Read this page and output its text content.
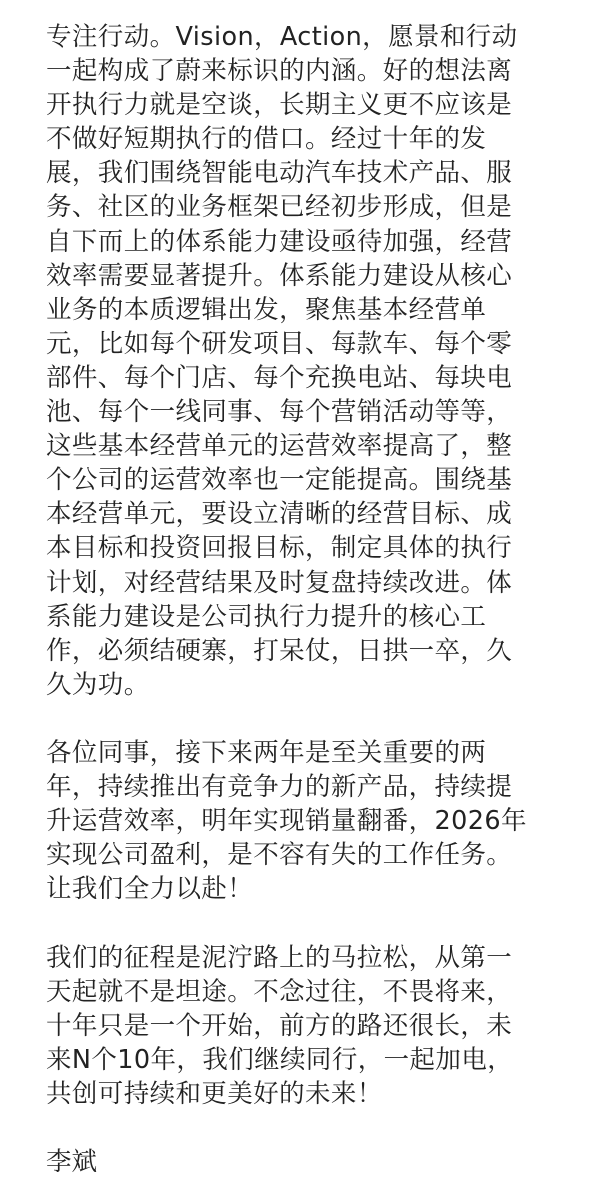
专注行动。Vision，Action，愿景和行动
一起构成了蔚来标识的内涵。好的想法离
开执行力就是空谈，长期主义更不应该是
不做好短期执行的借口。经过十年的发
展，我们围绕智能电动汽车技术产品、服
务、社区的业务框架已经初步形成，但是
自下而上的体系能力建设亟待加强，经营
效率需要显著提升。体系能力建设从核心
业务的本质逻辑出发，聚焦基本经营单
元，比如每个研发项目、每款车、每个零
部件、每个门店、每个充换电站、每块电
池、每个一线同事、每个营销活动等等，
这些基本经营单元的运营效率提高了，整
个公司的运营效率也一定能提高。围绕基
本经营单元，要设立清晰的经营目标、成
本目标和投资回报目标，制定具体的执行
计划，对经营结果及时复盘持续改进。体
系能力建设是公司执行力提升的核心工
作，必须结硬寨，打呆仗，日拱一卒，久
久为功。
各位同事，接下来两年是至关重要的两
年，持续推出有竞争力的新产品，持续提
升运营效率，明年实现销量翻番，2026年
实现公司盈利，是不容有失的工作任务。
让我们全力以赴！
我们的征程是泥泞路上的马拉松，从第一
天起就不是坦途。不念过往，不畏将来，
十年只是一个开始，前方的路还很长，未
来N个10年，我们继续同行，一起加电，
共创可持续和更美好的未来！
李斌
